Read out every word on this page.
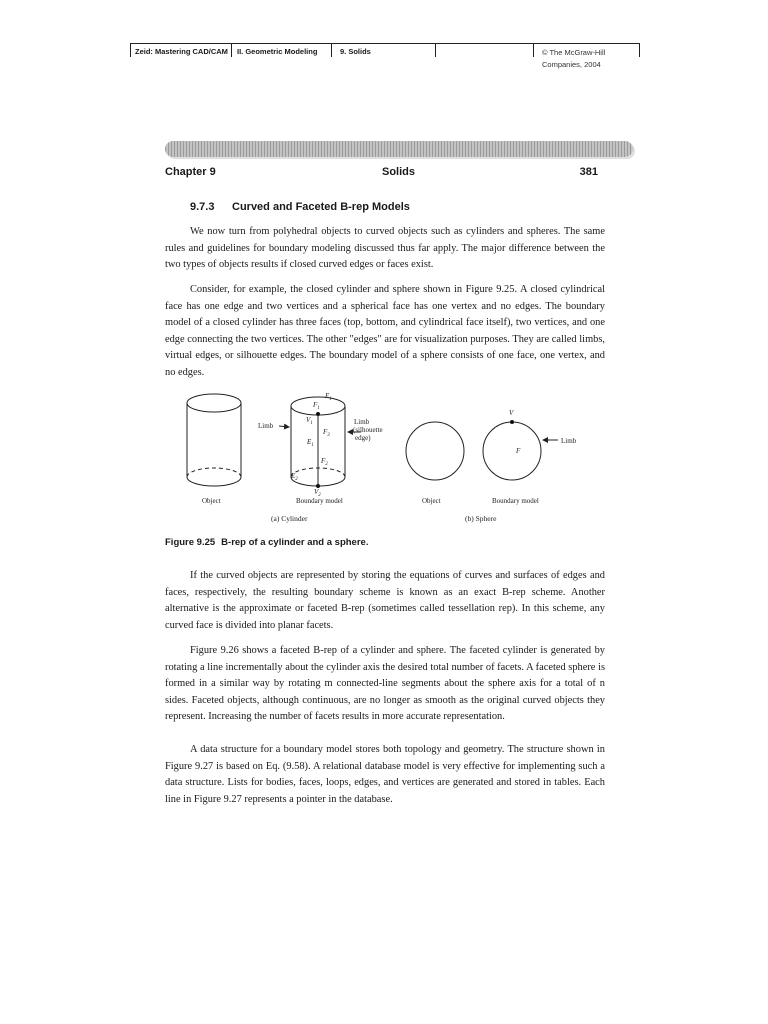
Zeid: Mastering CAD/CAM II. Geometric Modeling	9. Solids	© The McGraw-Hill
Companies, 2004
Chapter 9	Solids	381
9.7.3 Curved and Faceted B-rep Models

We now turn from polyhedral objects to curved objects such as cylinders and spheres. The same rules and guidelines for boundary modeling discussed thus far apply. The major difference between the two types of objects results if closed curved edges or faces exist.

Consider, for example, the closed cylinder and sphere shown in Figure 9.25. A closed cylindrical face has one edge and two vertices and a spherical face has one vertex and no edges. The boundary model of a closed cylinder has three faces (top, bottom, and cylindrical face itself), two vertices, and one edge connecting the two vertices. The other "edges" are for visualization purposes. They are called limbs, virtual edges, or silhouette edges. The boundary model of a sphere consists of one face, one vertex, and no edges.

$E_1$
$F_1$
$V_1$
$F_3$
$E_1$
$F_2$
$E_2$
$V_2$
V
F
Limb	Limb
(silhouette
edge)	Limb
Object	Boundary model	Object	Boundary model
(a) Cylinder	(b) Sphere
Figure 9.25 B-rep of a cylinder and a sphere.

If the curved objects are represented by storing the equations of curves and surfaces of edges and faces, respectively, the resulting boundary scheme is known as an exact B-rep scheme. Another alternative is the approximate or faceted B-rep (sometimes called tessellation rep). In this scheme, any curved face is divided into planar facets.

Figure 9.26 shows a faceted B-rep of a cylinder and sphere. The faceted cylinder is generated by rotating a line incrementally about the cylinder axis the desired total number of facets. A faceted sphere is formed in a similar way by rotating m connected-line segments about the sphere axis for a total of n sides. Faceted objects, although continuous, are no longer as smooth as the original curved objects they represent. Increasing the number of facets results in more accurate representation.

A data structure for a boundary model stores both topology and geometry. The structure shown in Figure 9.27 is based on Eq. (9.58). A relational database model is very effective for implementing such a data structure. Lists for bodies, faces, loops, edges, and vertices are generated and stored in tables. Each line in Figure 9.27 represents a pointer in the database.
